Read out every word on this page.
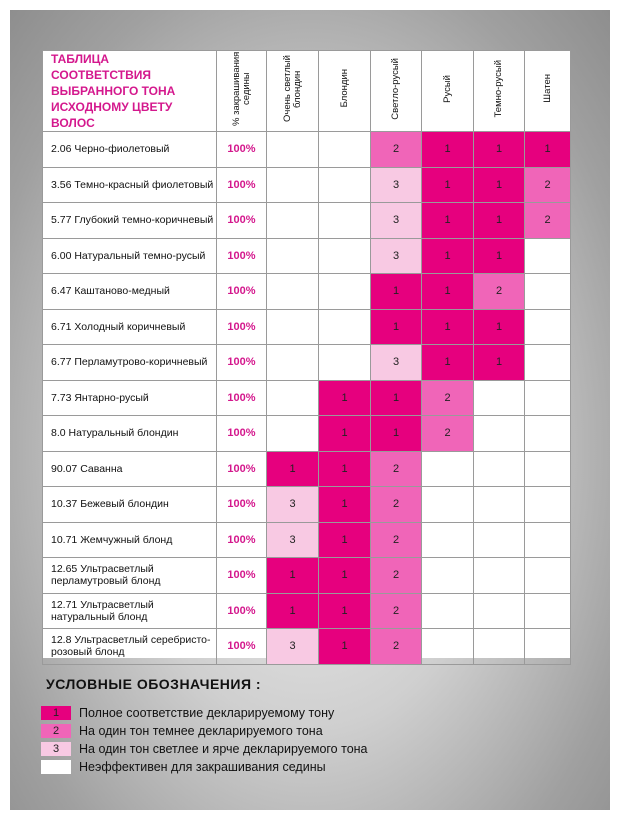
ТАБЛИЦА СООТВЕТСТВИЯ ВЫБРАННОГО ТОНА ИСХОДНОМУ ЦВЕТУ ВОЛОС	% закрашивания седины	Очень светлый блондин	Блондин	Светло-русый	Русый	Темно-русый	Шатен
2.06 Черно-фиолетовый	100%			2	1	1	1
3.56 Темно-красный фиолетовый	100%			3	1	1	2
5.77 Глубокий темно-коричневый	100%			3	1	1	2
6.00 Натуральный темно-русый	100%			3	1	1	
6.47 Каштаново-медный	100%			1	1	2	
6.71 Холодный коричневый	100%			1	1	1	
6.77 Перламутрово-коричневый	100%			3	1	1	
7.73 Янтарно-русый	100%		1	1	2		
8.0 Натуральный блондин	100%		1	1	2		
90.07 Саванна	100%	1	1	2			
10.37 Бежевый блондин	100%	3	1	2			
10.71 Жемчужный блонд	100%	3	1	2			
12.65 Ультрасветлый перламутровый блонд	100%	1	1	2			
12.71 Ультрасветлый натуральный блонд	100%	1	1	2			
12.8 Ультрасветлый серебристо-розовый блонд	100%	3	1	2			
УСЛОВНЫЕ ОБОЗНАЧЕНИЯ :
1	Полное соответствие декларируемому тону
2	На один тон темнее декларируемого тона
3	На один тон светлее и ярче декларируемого тона
Неэффективен для закрашивания седины
